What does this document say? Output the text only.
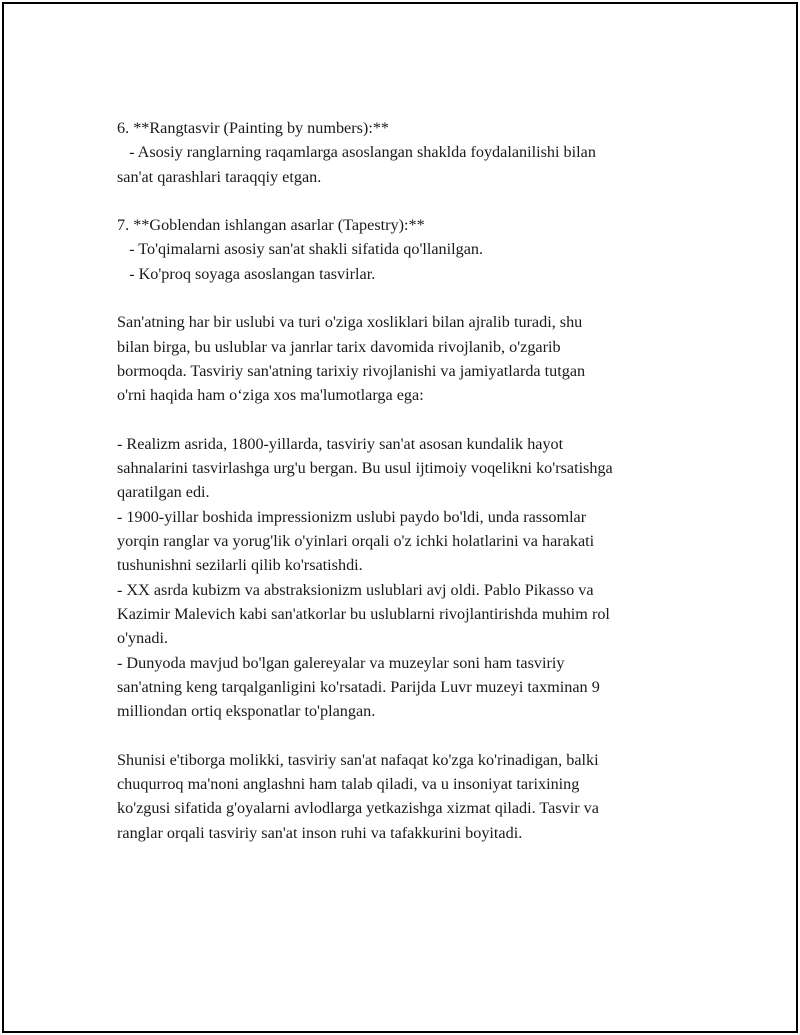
6. **Rangtasvir (Painting by numbers):**
- Asosiy ranglarning raqamlarga asoslangan shaklda foydalanilishi bilan
san'at qarashlari taraqqiy etgan.
7. **Goblendan ishlangan asarlar (Tapestry):**
- To'qimalarni asosiy san'at shakli sifatida qo'llanilgan.
- Ko'proq soyaga asoslangan tasvirlar.
San'atning har bir uslubi va turi o'ziga xosliklari bilan ajralib turadi, shu
bilan birga, bu uslublar va janrlar tarix davomida rivojlanib, o'zgarib
bormoqda. Tasviriy san'atning tarixiy rivojlanishi va jamiyatlarda tutgan
o'rni haqida ham o‘ziga xos ma'lumotlarga ega:
- Realizm asrida, 1800-yillarda, tasviriy san'at asosan kundalik hayot
sahnalarini tasvirlashga urg'u bergan. Bu usul ijtimoiy voqelikni ko'rsatishga
qaratilgan edi.
- 1900-yillar boshida impressionizm uslubi paydo bo'ldi, unda rassomlar
yorqin ranglar va yorug'lik o'yinlari orqali o'z ichki holatlarini va harakati
tushunishni sezilarli qilib ko'rsatishdi.
- XX asrda kubizm va abstraksionizm uslublari avj oldi. Pablo Pikasso va
Kazimir Malevich kabi san'atkorlar bu uslublarni rivojlantirishda muhim rol
o'ynadi.
- Dunyoda mavjud bo'lgan galereyalar va muzeylar soni ham tasviriy
san'atning keng tarqalganligini ko'rsatadi. Parijda Luvr muzeyi taxminan 9
milliondan ortiq eksponatlar to'plangan.
Shunisi e'tiborga molikki, tasviriy san'at nafaqat ko'zga ko'rinadigan, balki
chuqurroq ma'noni anglashni ham talab qiladi, va u insoniyat tarixining
ko'zgusi sifatida g'oyalarni avlodlarga yetkazishga xizmat qiladi. Tasvir va
ranglar orqali tasviriy san'at inson ruhi va tafakkurini boyitadi.
